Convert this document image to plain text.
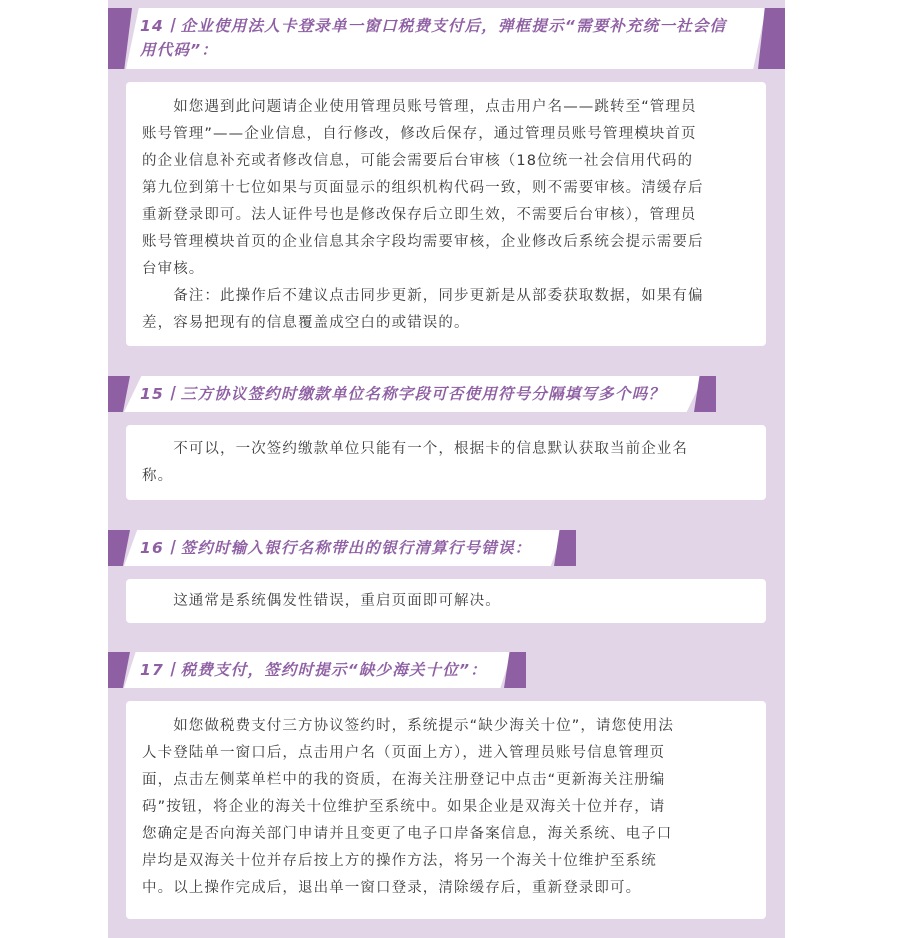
14丨企业使用法人卡登录单一窗口税费支付后，弹框提示“需要补充统一社会信
用代码”：
　　如您遇到此问题请企业使用管理员账号管理，点击用户名——跳转至“管理员
账号管理”——企业信息，自行修改，修改后保存，通过管理员账号管理模块首页
的企业信息补充或者修改信息，可能会需要后台审核（18位统一社会信用代码的
第九位到第十七位如果与页面显示的组织机构代码一致，则不需要审核。清缓存后
重新登录即可。法人证件号也是修改保存后立即生效，不需要后台审核），管理员
账号管理模块首页的企业信息其余字段均需要审核，企业修改后系统会提示需要后
台审核。
　　备注：此操作后不建议点击同步更新，同步更新是从部委获取数据，如果有偏
差，容易把现有的信息覆盖成空白的或错误的。
15丨三方协议签约时缴款单位名称字段可否使用符号分隔填写多个吗？
　　不可以，一次签约缴款单位只能有一个，根据卡的信息默认获取当前企业名
称。
16丨签约时输入银行名称带出的银行清算行号错误：
　　这通常是系统偶发性错误，重启页面即可解决。
17丨税费支付，签约时提示“缺少海关十位”：
　　如您做税费支付三方协议签约时，系统提示“缺少海关十位”，请您使用法
人卡登陆单一窗口后，点击用户名（页面上方），进入管理员账号信息管理页
面，点击左侧菜单栏中的我的资质，在海关注册登记中点击“更新海关注册编
码”按钮，将企业的海关十位维护至系统中。如果企业是双海关十位并存，请
您确定是否向海关部门申请并且变更了电子口岸备案信息，海关系统、电子口
岸均是双海关十位并存后按上方的操作方法，将另一个海关十位维护至系统
中。以上操作完成后，退出单一窗口登录，清除缓存后，重新登录即可。
